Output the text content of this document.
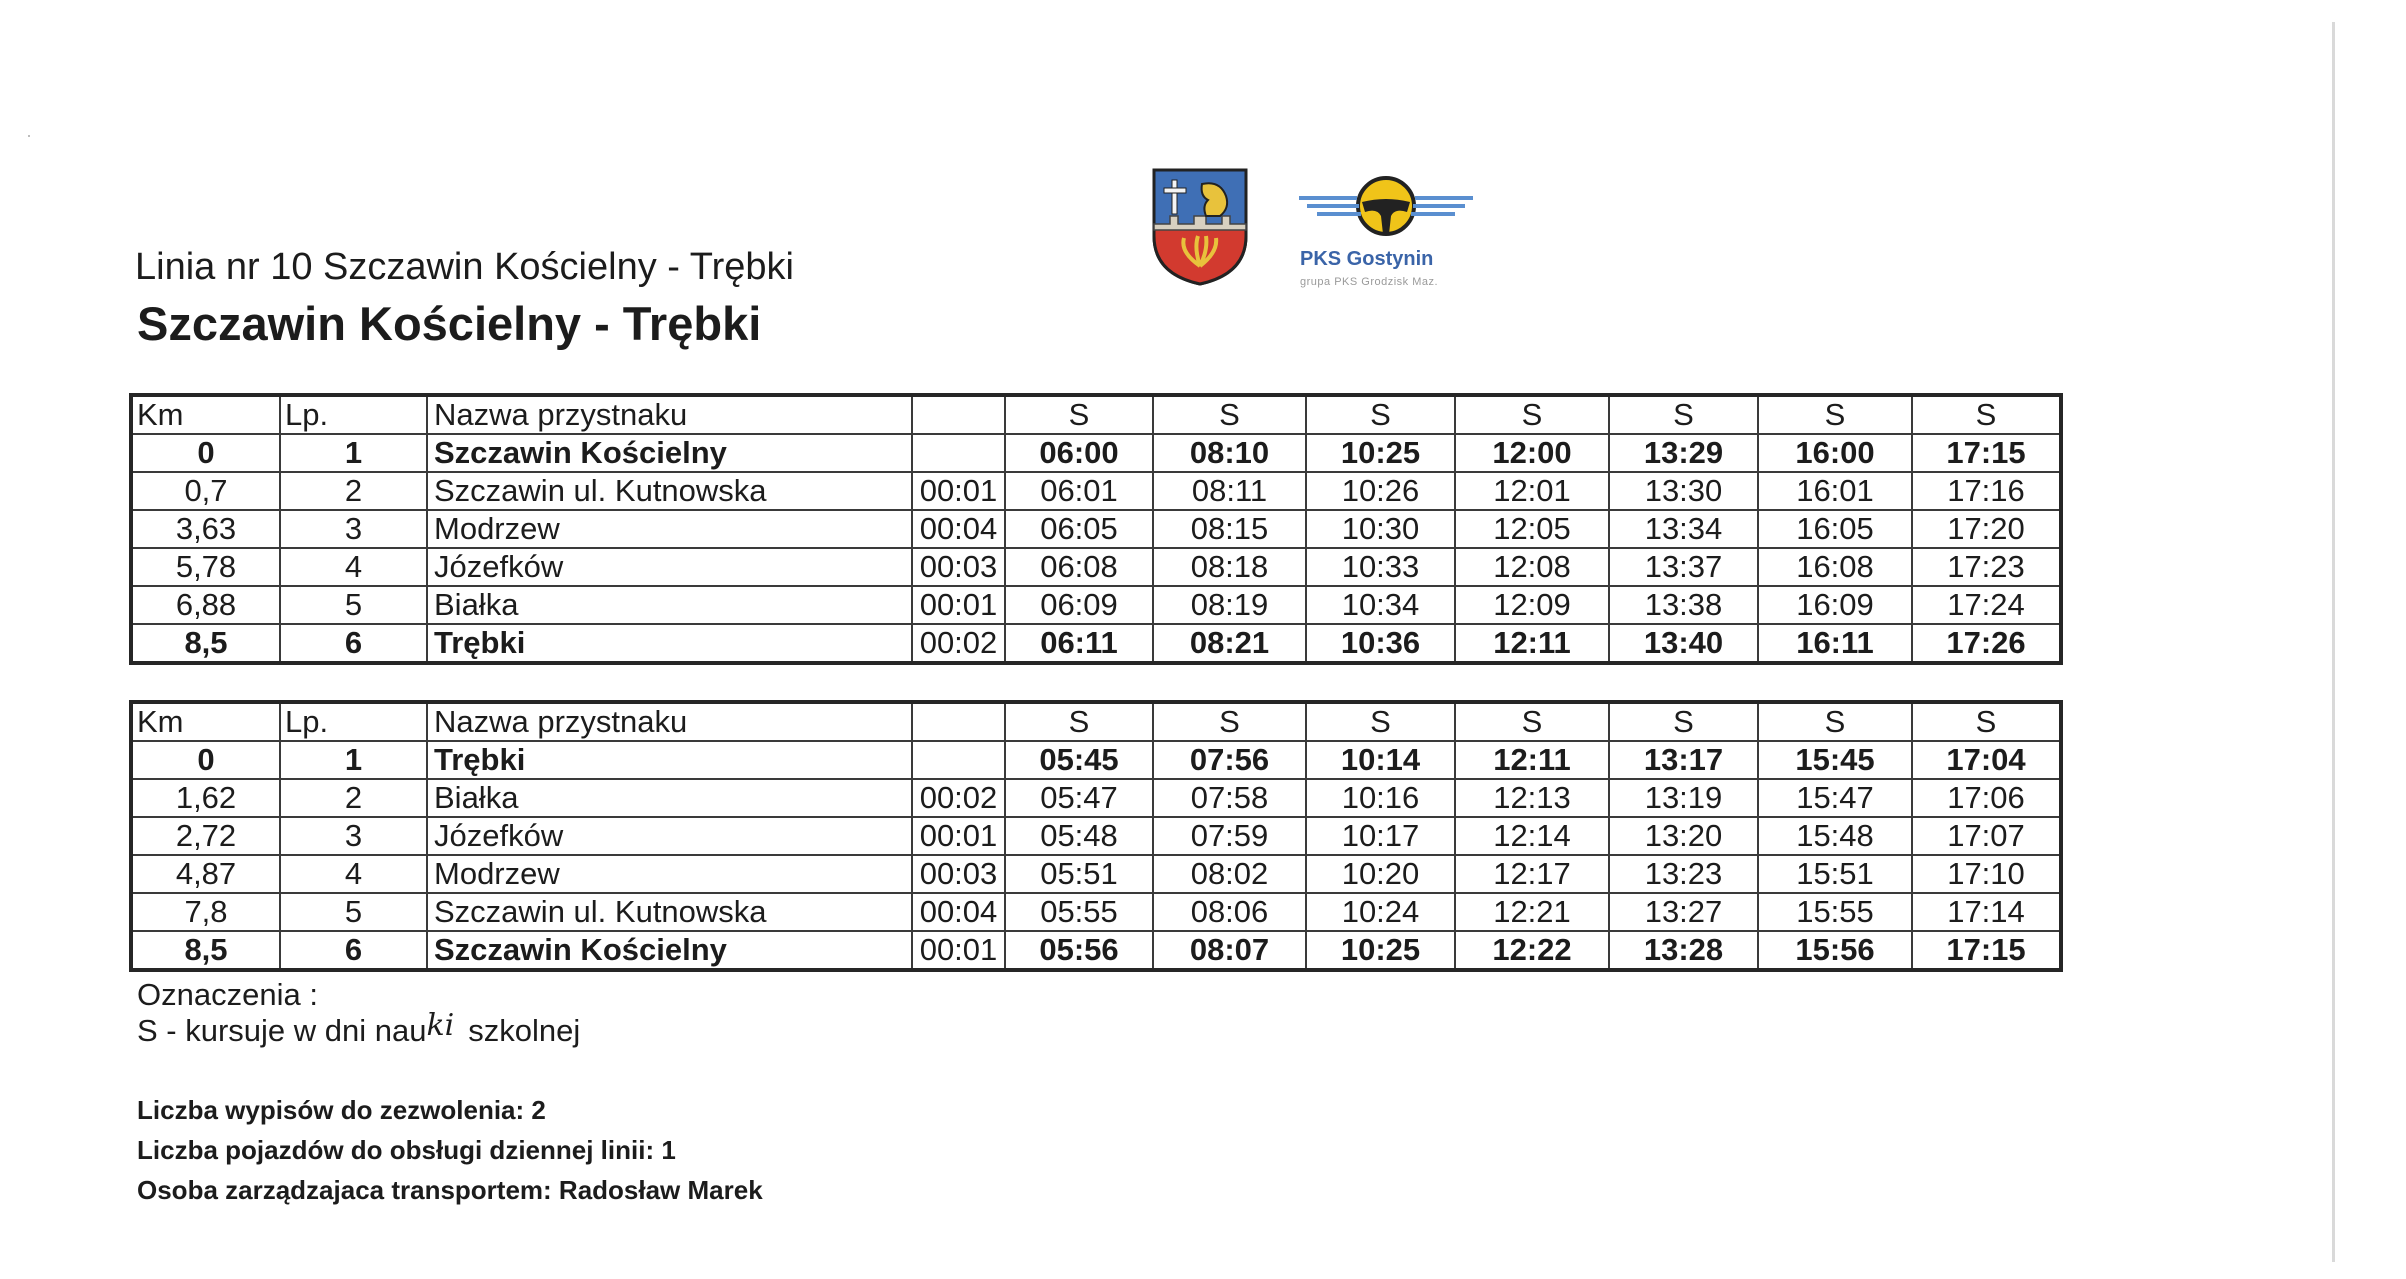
Linia nr 10 Szczawin Kościelny - Trębki
Szczawin Kościelny - Trębki
PKS Gostynin
grupa PKS Grodzisk Maz.
Km	Lp.	Nazwa przystnaku		S	S	S	S	S	S	S
0	1	Szczawin Kościelny		06:00	08:10	10:25	12:00	13:29	16:00	17:15
0,7	2	Szczawin ul. Kutnowska	00:01	06:01	08:11	10:26	12:01	13:30	16:01	17:16
3,63	3	Modrzew	00:04	06:05	08:15	10:30	12:05	13:34	16:05	17:20
5,78	4	Józefków	00:03	06:08	08:18	10:33	12:08	13:37	16:08	17:23
6,88	5	Białka	00:01	06:09	08:19	10:34	12:09	13:38	16:09	17:24
8,5	6	Trębki	00:02	06:11	08:21	10:36	12:11	13:40	16:11	17:26
Km	Lp.	Nazwa przystnaku		S	S	S	S	S	S	S
0	1	Trębki		05:45	07:56	10:14	12:11	13:17	15:45	17:04
1,62	2	Białka	00:02	05:47	07:58	10:16	12:13	13:19	15:47	17:06
2,72	3	Józefków	00:01	05:48	07:59	10:17	12:14	13:20	15:48	17:07
4,87	4	Modrzew	00:03	05:51	08:02	10:20	12:17	13:23	15:51	17:10
7,8	5	Szczawin ul. Kutnowska	00:04	05:55	08:06	10:24	12:21	13:27	15:55	17:14
8,5	6	Szczawin Kościelny	00:01	05:56	08:07	10:25	12:22	13:28	15:56	17:15
Oznaczenia :
S - kursuje w dni nauki szkolnej
Liczba wypisów do zezwolenia: 2
Liczba pojazdów do obsługi dziennej linii: 1
Osoba zarządzajaca transportem: Radosław Marek
